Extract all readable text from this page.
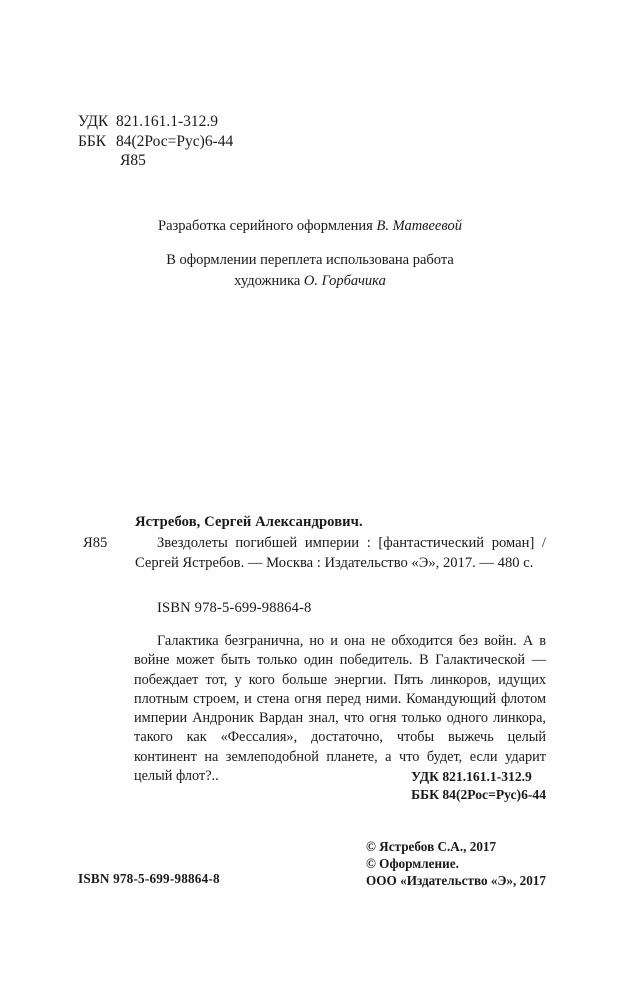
УДК 821.161.1-312.9
ББК 84(2Рос=Рус)6-44
Я85
Разработка серийного оформления В. Матвеевой
В оформлении переплета использована работа
художника О. Горбачика
Ястребов, Сергей Александрович.
Я85	Звездолеты погибшей империи : [фантастический роман] / Сергей Ястребов. — Москва : Издательство «Э», 2017. — 480 с.
ISBN 978-5-699-98864-8
Галактика безгранична, но и она не обходится без войн. А в войне может быть только один победитель. В Галактической — побеждает тот, у кого больше энергии. Пять линкоров, идущих плотным строем, и стена огня перед ними. Командующий флотом империи Андроник Вардан знал, что огня только одного линкора, такого как «Фессалия», достаточно, чтобы выжечь целый континент на землеподобной планете, а что будет, если ударит целый флот?..	УДК 821.161.1-312.9
ББК 84(2Рос=Рус)6-44
© Ястребов С.А., 2017
© Оформление.
ООО «Издательство «Э», 2017
ISBN 978-5-699-98864-8
